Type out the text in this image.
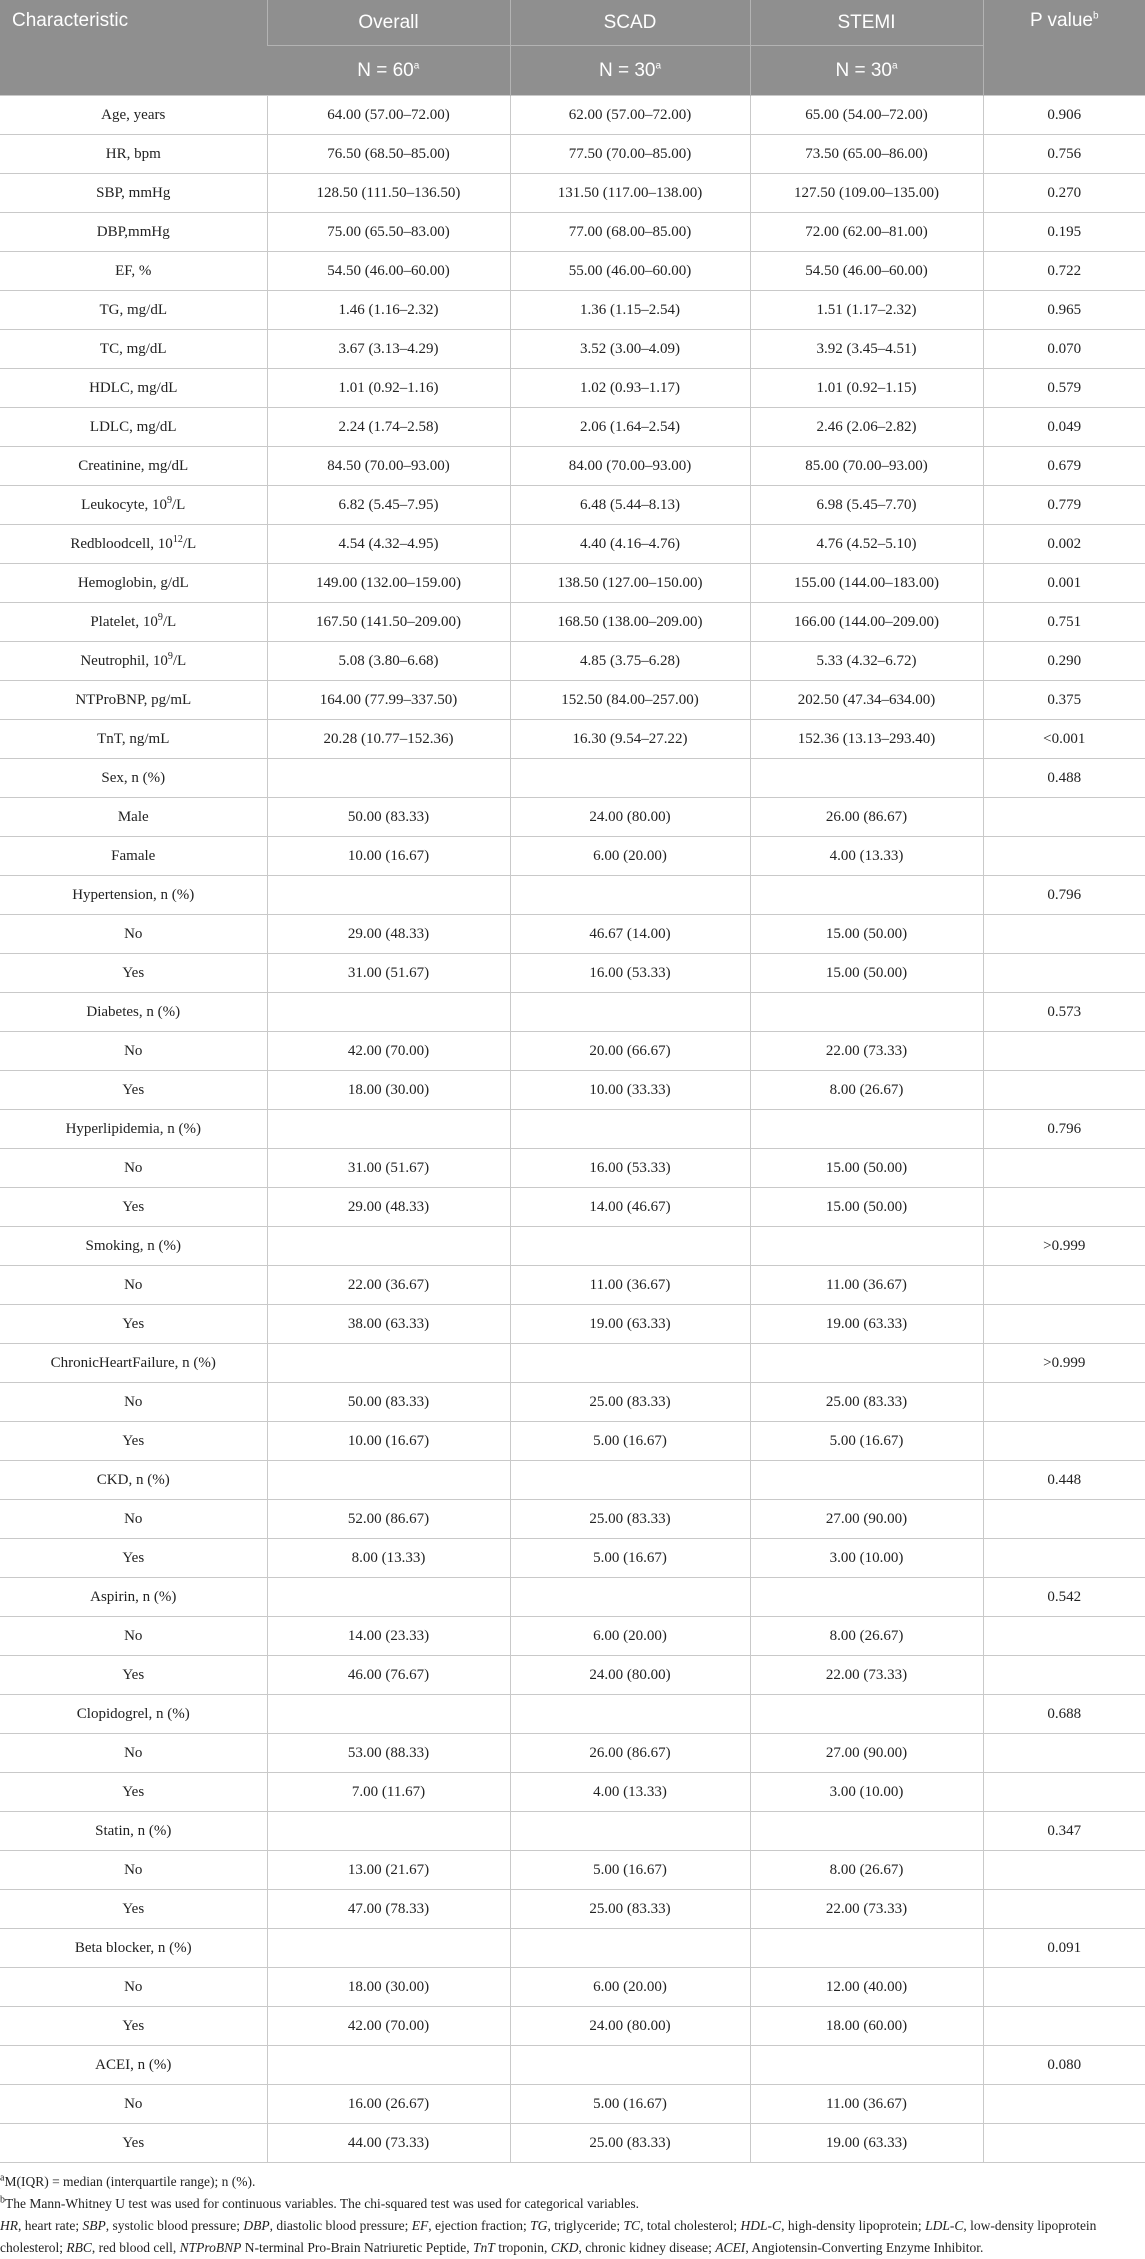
Characteristic	Overall	SCAD	STEMI	P value$^b$
	$N = 60^a$	$N = 30^a$	$N = 30^a$
Age, years	64.00 (57.00–72.00)	62.00 (57.00–72.00)	65.00 (54.00–72.00)	0.906
HR, bpm	76.50 (68.50–85.00)	77.50 (70.00–85.00)	73.50 (65.00–86.00)	0.756
SBP, mmHg	128.50 (111.50–136.50)	131.50 (117.00–138.00)	127.50 (109.00–135.00)	0.270
DBP,mmHg	75.00 (65.50–83.00)	77.00 (68.00–85.00)	72.00 (62.00–81.00)	0.195
EF, %	54.50 (46.00–60.00)	55.00 (46.00–60.00)	54.50 (46.00–60.00)	0.722
TG, mg/dL	1.46 (1.16–2.32)	1.36 (1.15–2.54)	1.51 (1.17–2.32)	0.965
TC, mg/dL	3.67 (3.13–4.29)	3.52 (3.00–4.09)	3.92 (3.45–4.51)	0.070
HDLC, mg/dL	1.01 (0.92–1.16)	1.02 (0.93–1.17)	1.01 (0.92–1.15)	0.579
LDLC, mg/dL	2.24 (1.74–2.58)	2.06 (1.64–2.54)	2.46 (2.06–2.82)	0.049
Creatinine, mg/dL	84.50 (70.00–93.00)	84.00 (70.00–93.00)	85.00 (70.00–93.00)	0.679
Leukocyte, $10^9/L$	6.82 (5.45–7.95)	6.48 (5.44–8.13)	6.98 (5.45–7.70)	0.779
Redbloodcell, $10^{12}/L$	4.54 (4.32–4.95)	4.40 (4.16–4.76)	4.76 (4.52–5.10)	0.002
Hemoglobin, g/dL	149.00 (132.00–159.00)	138.50 (127.00–150.00)	155.00 (144.00–183.00)	0.001
Platelet, $10^9/L$	167.50 (141.50–209.00)	168.50 (138.00–209.00)	166.00 (144.00–209.00)	0.751
Neutrophil, $10^9/L$	5.08 (3.80–6.68)	4.85 (3.75–6.28)	5.33 (4.32–6.72)	0.290
NTProBNP, pg/mL	164.00 (77.99–337.50)	152.50 (84.00–257.00)	202.50 (47.34–634.00)	0.375
TnT, ng/mL	20.28 (10.77–152.36)	16.30 (9.54–27.22)	152.36 (13.13–293.40)	<0.001
Sex, n (%)				0.488
Male	50.00 (83.33)	24.00 (80.00)	26.00 (86.67)	
Famale	10.00 (16.67)	6.00 (20.00)	4.00 (13.33)	
Hypertension, n (%)				0.796
No	29.00 (48.33)	46.67 (14.00)	15.00 (50.00)	
Yes	31.00 (51.67)	16.00 (53.33)	15.00 (50.00)	
Diabetes, n (%)				0.573
No	42.00 (70.00)	20.00 (66.67)	22.00 (73.33)	
Yes	18.00 (30.00)	10.00 (33.33)	8.00 (26.67)	
Hyperlipidemia, n (%)				0.796
No	31.00 (51.67)	16.00 (53.33)	15.00 (50.00)	
Yes	29.00 (48.33)	14.00 (46.67)	15.00 (50.00)	
Smoking, n (%)				>0.999
No	22.00 (36.67)	11.00 (36.67)	11.00 (36.67)	
Yes	38.00 (63.33)	19.00 (63.33)	19.00 (63.33)	
ChronicHeartFailure, n (%)				>0.999
No	50.00 (83.33)	25.00 (83.33)	25.00 (83.33)	
Yes	10.00 (16.67)	5.00 (16.67)	5.00 (16.67)	
CKD, n (%)				0.448
No	52.00 (86.67)	25.00 (83.33)	27.00 (90.00)	
Yes	8.00 (13.33)	5.00 (16.67)	3.00 (10.00)	
Aspirin, n (%)				0.542
No	14.00 (23.33)	6.00 (20.00)	8.00 (26.67)	
Yes	46.00 (76.67)	24.00 (80.00)	22.00 (73.33)	
Clopidogrel, n (%)				0.688
No	53.00 (88.33)	26.00 (86.67)	27.00 (90.00)	
Yes	7.00 (11.67)	4.00 (13.33)	3.00 (10.00)	
Statin, n (%)				0.347
No	13.00 (21.67)	5.00 (16.67)	8.00 (26.67)	
Yes	47.00 (78.33)	25.00 (83.33)	22.00 (73.33)	
Beta blocker, n (%)				0.091
No	18.00 (30.00)	6.00 (20.00)	12.00 (40.00)	
Yes	42.00 (70.00)	24.00 (80.00)	18.00 (60.00)	
ACEI, n (%)				0.080
No	16.00 (26.67)	5.00 (16.67)	11.00 (36.67)	
Yes	44.00 (73.33)	25.00 (83.33)	19.00 (63.33)	

$^a$M(IQR) = median (interquartile range); n (%).

$^b$The Mann-Whitney U test was used for continuous variables. The chi-squared test was used for categorical variables.

HR, heart rate; SBP, systolic blood pressure; DBP, diastolic blood pressure; EF, ejection fraction; TG, triglyceride; TC, total cholesterol; HDL-C, high-density lipoprotein; LDL-C, low-density lipoprotein cholesterol; RBC, red blood cell, NTProBNP N-terminal Pro-Brain Natriuretic Peptide, TnT troponin, CKD, chronic kidney disease; ACEI, Angiotensin-Converting Enzyme Inhibitor.
